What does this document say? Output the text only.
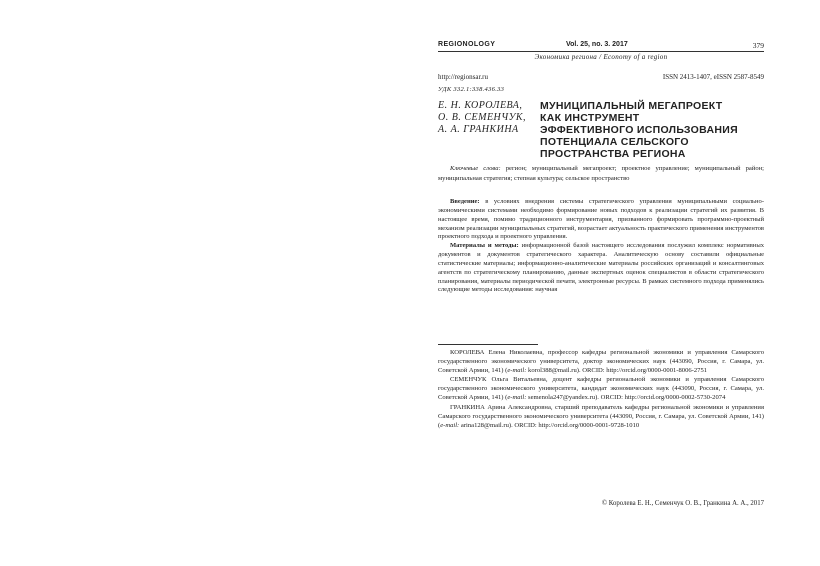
REGIONOLOGY	Vol. 25, no. 3. 2017	379
Экономика региона / Economy of a region
http://regionsar.ru	ISSN 2413-1407, eISSN 2587-8549
УДК 332.1:338.436.33
Е. Н. КОРОЛЕВА,
О. В. СЕМЕНЧУК,
А. А. ГРАНКИНА
МУНИЦИПАЛЬНЫЙ МЕГАПРОЕКТ
КАК ИНСТРУМЕНТ
ЭФФЕКТИВНОГО ИСПОЛЬЗОВАНИЯ
ПОТЕНЦИАЛА СЕЛЬСКОГО
ПРОСТРАНСТВА РЕГИОНА
Ключевые слова: регион; муниципальный мегапроект; проектное управление; муниципальный район; муниципальная стратегия; степная культура; сельское пространство

Введение: в условиях внедрения системы стратегического управления муниципальными социально-экономическими системами необходимо формирование новых подходов к реализации стратегий их развития. В настоящее время, помимо традиционного инструментария, призванного формировать программно-проектный механизм реализации муниципальных стратегий, возрастает актуальность практического применения инструментов проектного подхода и проектного управления.

Материалы и методы: информационной базой настоящего исследования послужил комплекс нормативных документов и документов стратегического характера. Аналитическую основу составили официальные статистические материалы; информационно-аналитические материалы российских организаций и консалтинговых агентств по стратегическому планированию, данные экспертных оценок специалистов в области стратегического планирования, материалы периодической печати, электронные ресурсы. В рамках системного подхода применялись следующие методы исследования: научная

КОРОЛЕВА Елена Николаевна, профессор кафедры региональной экономики и управления Самарского государственного экономического университета, доктор экономических наук (443090, Россия, г. Самара, ул. Советской Армии, 141) (e-mail: korol388@mail.ru). ORCID: http://orcid.org/0000-0001-8006-2751

СЕМЕНЧУК Ольга Витальевна, доцент кафедры региональной экономики и управления Самарского государственного экономического университета, кандидат экономических наук (443090, Россия, г. Самара, ул. Советской Армии, 141) (e-mail: semenola247@yandex.ru). ORCID: http://orcid.org/0000-0002-5730-2074

ГРАНКИНА Арина Александровна, старший преподаватель кафедры региональной экономики и управления Самарского государственного экономического университета (443090, Россия, г. Самара, ул. Советской Армии, 141) (e-mail: arina128@mail.ru). ORCID: http://orcid.org/0000-0001-9728-1010

© Королева Е. Н., Семенчук О. В., Гранкина А. А., 2017
